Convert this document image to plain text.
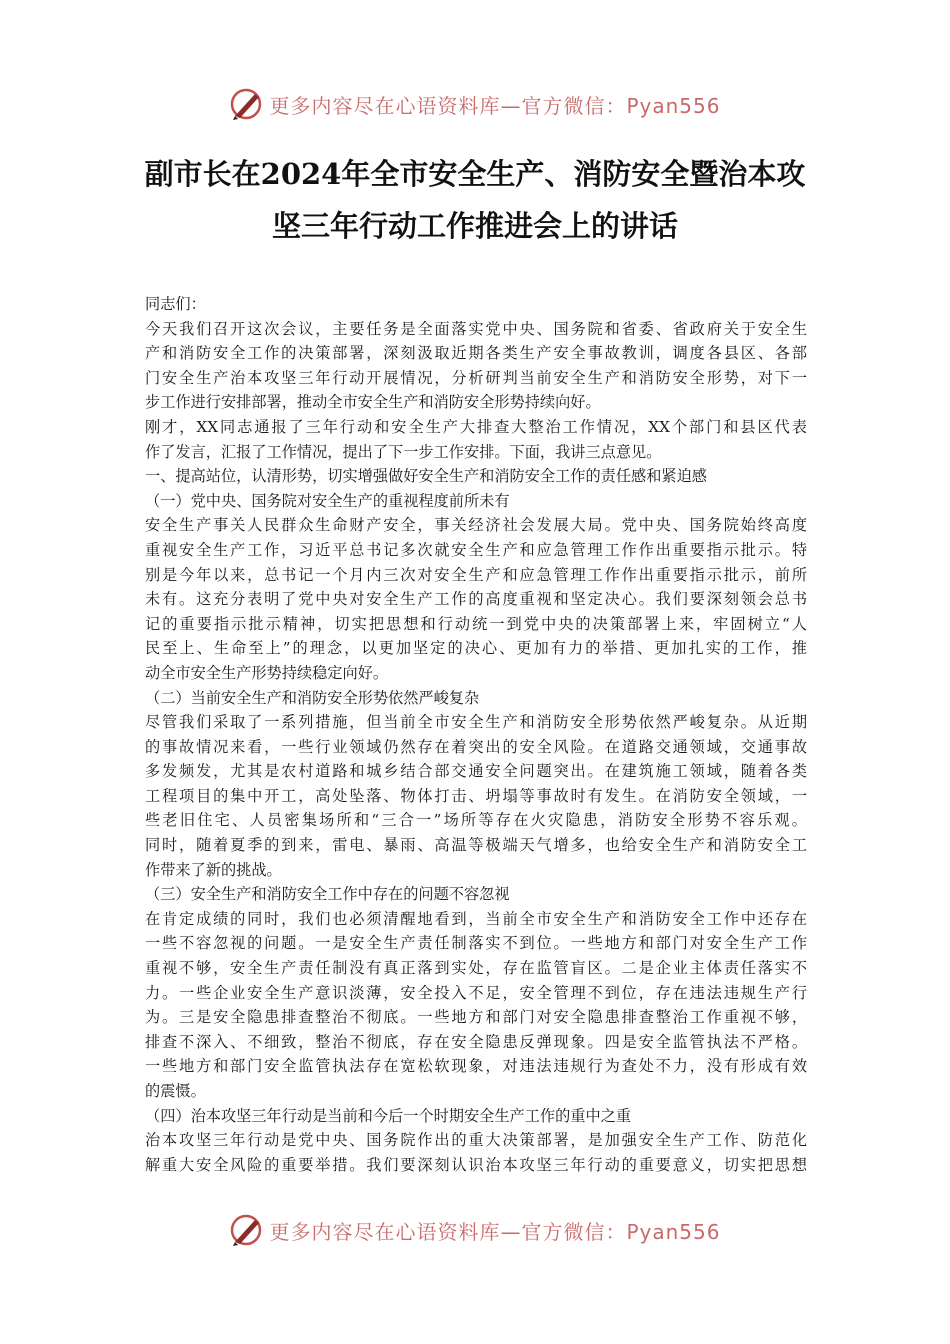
更多内容尽在心语资料库—官方微信：Pyan556
副市长在2024年全市安全生产、消防安全暨治本攻
坚三年行动工作推进会上的讲话

同志们：

今天我们召开这次会议，主要任务是全面落实党中央、国务院和省委、省政府关于安全生
产和消防安全工作的决策部署，深刻汲取近期各类生产安全事故教训，调度各县区、各部
门安全生产治本攻坚三年行动开展情况，分析研判当前安全生产和消防安全形势，对下一
步工作进行安排部署，推动全市安全生产和消防安全形势持续向好。
刚才，XX同志通报了三年行动和安全生产大排查大整治工作情况，XX个部门和县区代表
作了发言，汇报了工作情况，提出了下一步工作安排。下面，我讲三点意见。
一、提高站位，认清形势，切实增强做好安全生产和消防安全工作的责任感和紧迫感
（一）党中央、国务院对安全生产的重视程度前所未有
安全生产事关人民群众生命财产安全，事关经济社会发展大局。党中央、国务院始终高度
重视安全生产工作，习近平总书记多次就安全生产和应急管理工作作出重要指示批示。特
别是今年以来，总书记一个月内三次对安全生产和应急管理工作作出重要指示批示，前所
未有。这充分表明了党中央对安全生产工作的高度重视和坚定决心。我们要深刻领会总书
记的重要指示批示精神，切实把思想和行动统一到党中央的决策部署上来，牢固树立“人
民至上、生命至上”的理念，以更加坚定的决心、更加有力的举措、更加扎实的工作，推
动全市安全生产形势持续稳定向好。
（二）当前安全生产和消防安全形势依然严峻复杂
尽管我们采取了一系列措施，但当前全市安全生产和消防安全形势依然严峻复杂。从近期
的事故情况来看，一些行业领域仍然存在着突出的安全风险。在道路交通领域，交通事故
多发频发，尤其是农村道路和城乡结合部交通安全问题突出。在建筑施工领域，随着各类
工程项目的集中开工，高处坠落、物体打击、坍塌等事故时有发生。在消防安全领域，一
些老旧住宅、人员密集场所和“三合一”场所等存在火灾隐患，消防安全形势不容乐观。
同时，随着夏季的到来，雷电、暴雨、高温等极端天气增多，也给安全生产和消防安全工
作带来了新的挑战。
（三）安全生产和消防安全工作中存在的问题不容忽视
在肯定成绩的同时，我们也必须清醒地看到，当前全市安全生产和消防安全工作中还存在
一些不容忽视的问题。一是安全生产责任制落实不到位。一些地方和部门对安全生产工作
重视不够，安全生产责任制没有真正落到实处，存在监管盲区。二是企业主体责任落实不
力。一些企业安全生产意识淡薄，安全投入不足，安全管理不到位，存在违法违规生产行
为。三是安全隐患排查整治不彻底。一些地方和部门对安全隐患排查整治工作重视不够，
排查不深入、不细致，整治不彻底，存在安全隐患反弹现象。四是安全监管执法不严格。
一些地方和部门安全监管执法存在宽松软现象，对违法违规行为查处不力，没有形成有效
的震慑。
（四）治本攻坚三年行动是当前和今后一个时期安全生产工作的重中之重
治本攻坚三年行动是党中央、国务院作出的重大决策部署，是加强安全生产工作、防范化
解重大安全风险的重要举措。我们要深刻认识治本攻坚三年行动的重要意义，切实把思想
更多内容尽在心语资料库—官方微信：Pyan556
